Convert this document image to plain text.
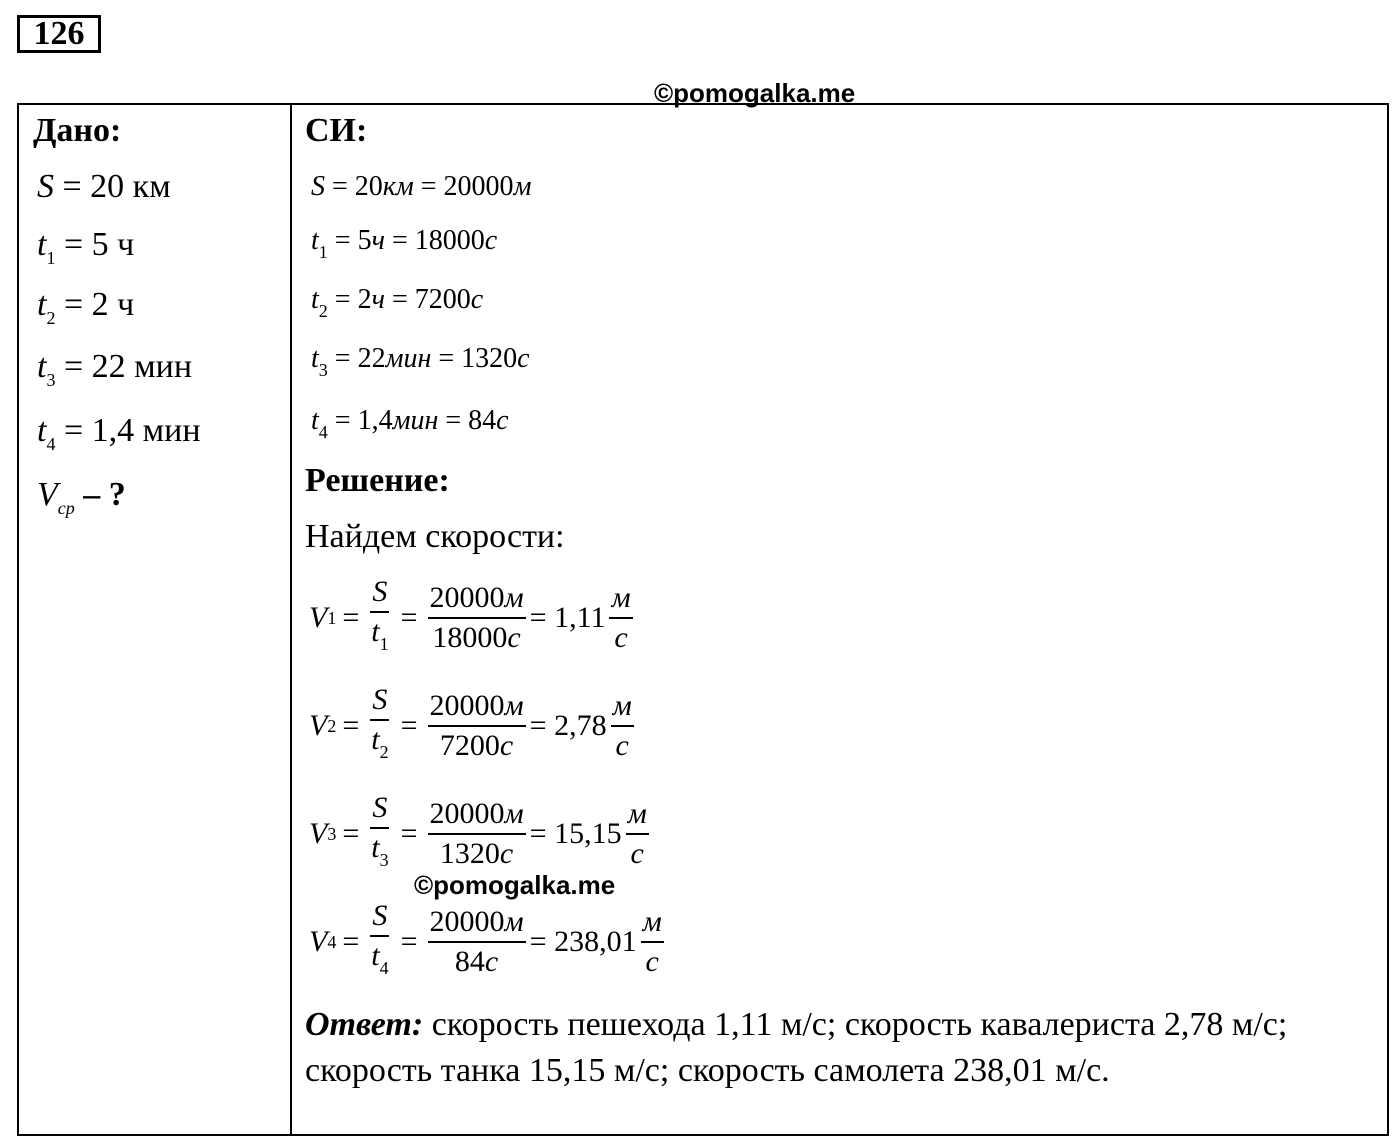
126
©pomogalka.me
Дано:
S = 20 км
$t_1 = 5$ ч
$t_2 = 2$ ч
$t_3 = 22$ мин
$t_4 = 1,4$ мин
$V_{ср}$ – ?
СИ:
S = 20км = 20000м
$t_1 = 5ч = 18000с$
$t_2 = 2ч = 7200с$
$t_3 = 22мин = 1320с$
$t_4 = 1,4мин = 84с$
Решение:
Найдем скорости:
V $1 = \frac{S}{t_1} = \frac{20000м}{18000с} = 1,11 \frac{м}{с}$
V $2 = \frac{S}{t_2} = \frac{20000м}{7200с} = 2,78 \frac{м}{с}$
V $3 = \frac{S}{t_3} = \frac{20000м}{1320с} = 15,15 \frac{м}{с}$
V $4 = \frac{S}{t_4} = \frac{20000м}{84с} = 238,01 \frac{м}{с}$
Ответ: скорость пешехода 1,11 м/с; скорость кавалериста 2,78 м/с; скорость танка 15,15 м/с; скорость самолета 238,01 м/с.
©pomogalka.me
